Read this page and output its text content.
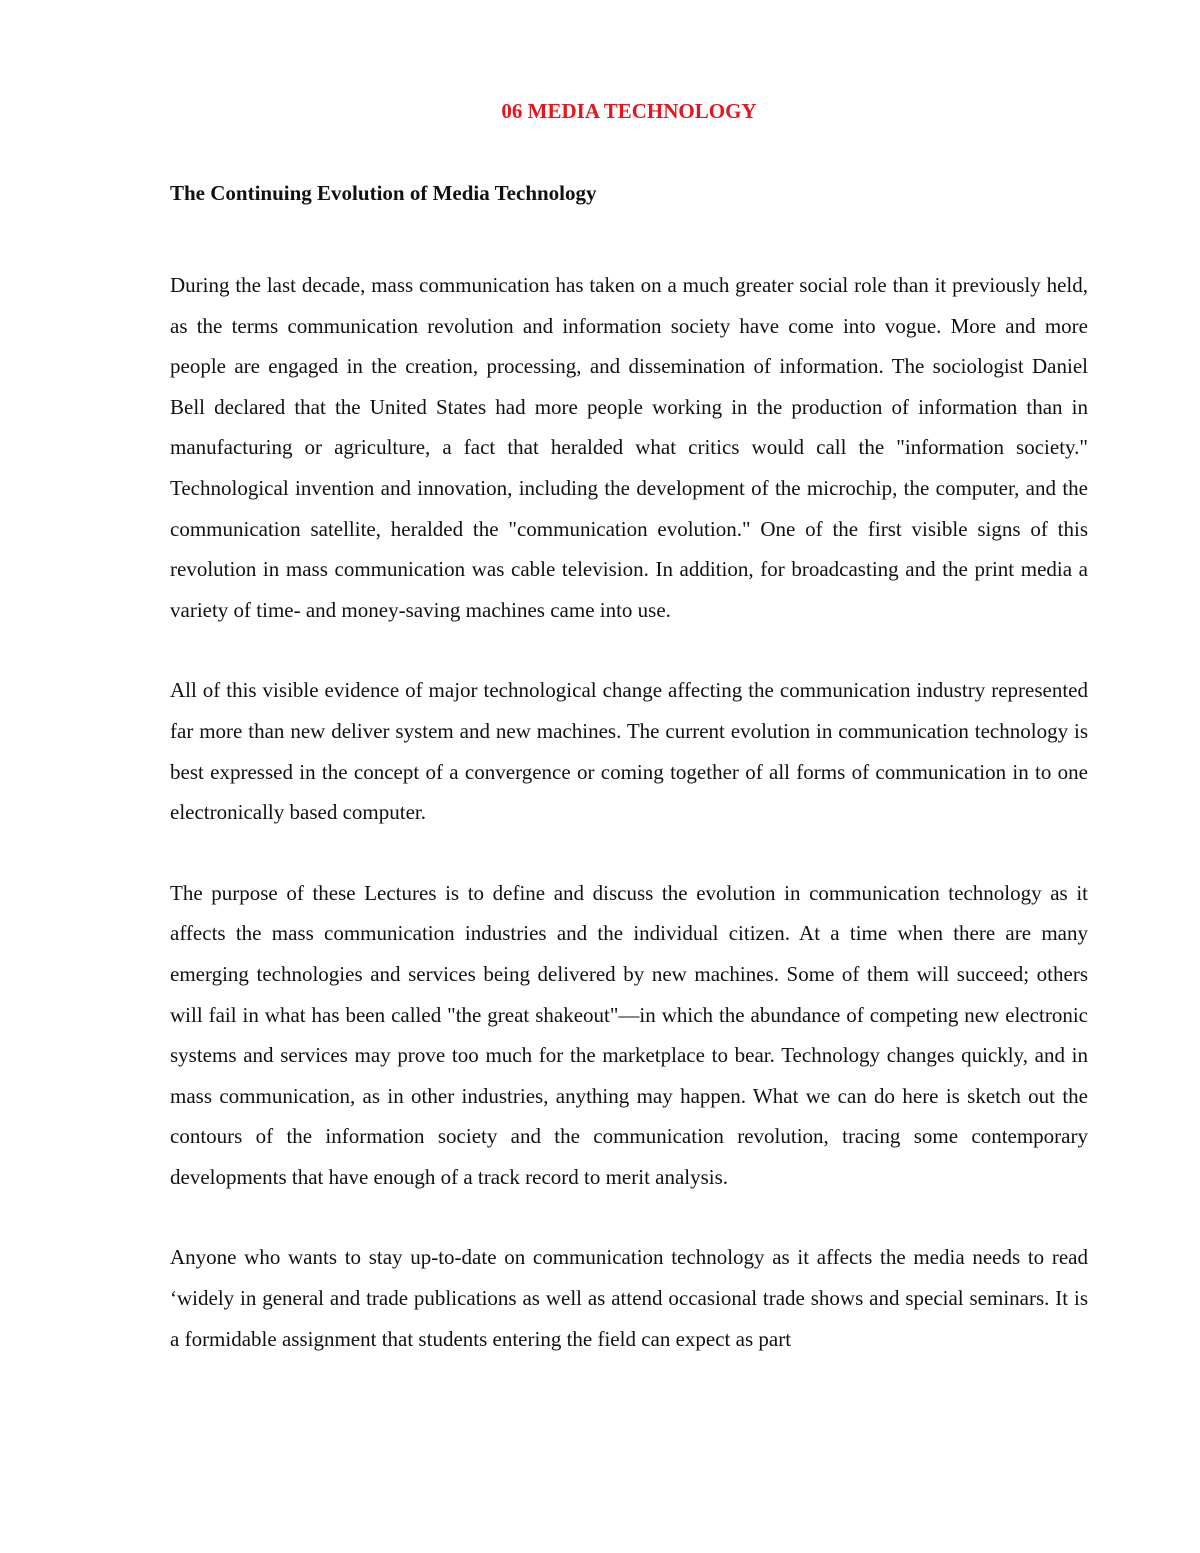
06 MEDIA TECHNOLOGY
The Continuing Evolution of Media Technology

During the last decade, mass communication has taken on a much greater social role than it previously held, as the terms communication revolution and information society have come into vogue. More and more people are engaged in the creation, processing, and dissemination of information. The sociologist Daniel Bell declared that the United States had more people working in the production of information than in manufacturing or agriculture, a fact that heralded what critics would call the "information society." Technological invention and innovation, including the development of the microchip, the computer, and the communication satellite, heralded the "communication evolution." One of the first visible signs of this revolution in mass communication was cable television. In addition, for broadcasting and the print media a variety of time- and money-saving machines came into use.

All of this visible evidence of major technological change affecting the communication industry represented far more than new deliver system and new machines. The current evolution in communication technology is best expressed in the concept of a convergence or coming together of all forms of communication in to one electronically based computer.

The purpose of these Lectures is to define and discuss the evolution in communication technology as it affects the mass communication industries and the individual citizen. At a time when there are many emerging technologies and services being delivered by new machines. Some of them will succeed; others will fail in what has been called "the great shakeout"—in which the abundance of competing new electronic systems and services may prove too much for the marketplace to bear. Technology changes quickly, and in mass communication, as in other industries, anything may happen. What we can do here is sketch out the contours of the information society and the communication revolution, tracing some contemporary developments that have enough of a track record to merit analysis.

Anyone who wants to stay up-to-date on communication technology as it affects the media needs to read ‘widely in general and trade publications as well as attend occasional trade shows and special seminars. It is a formidable assignment that students entering the field can expect as part
